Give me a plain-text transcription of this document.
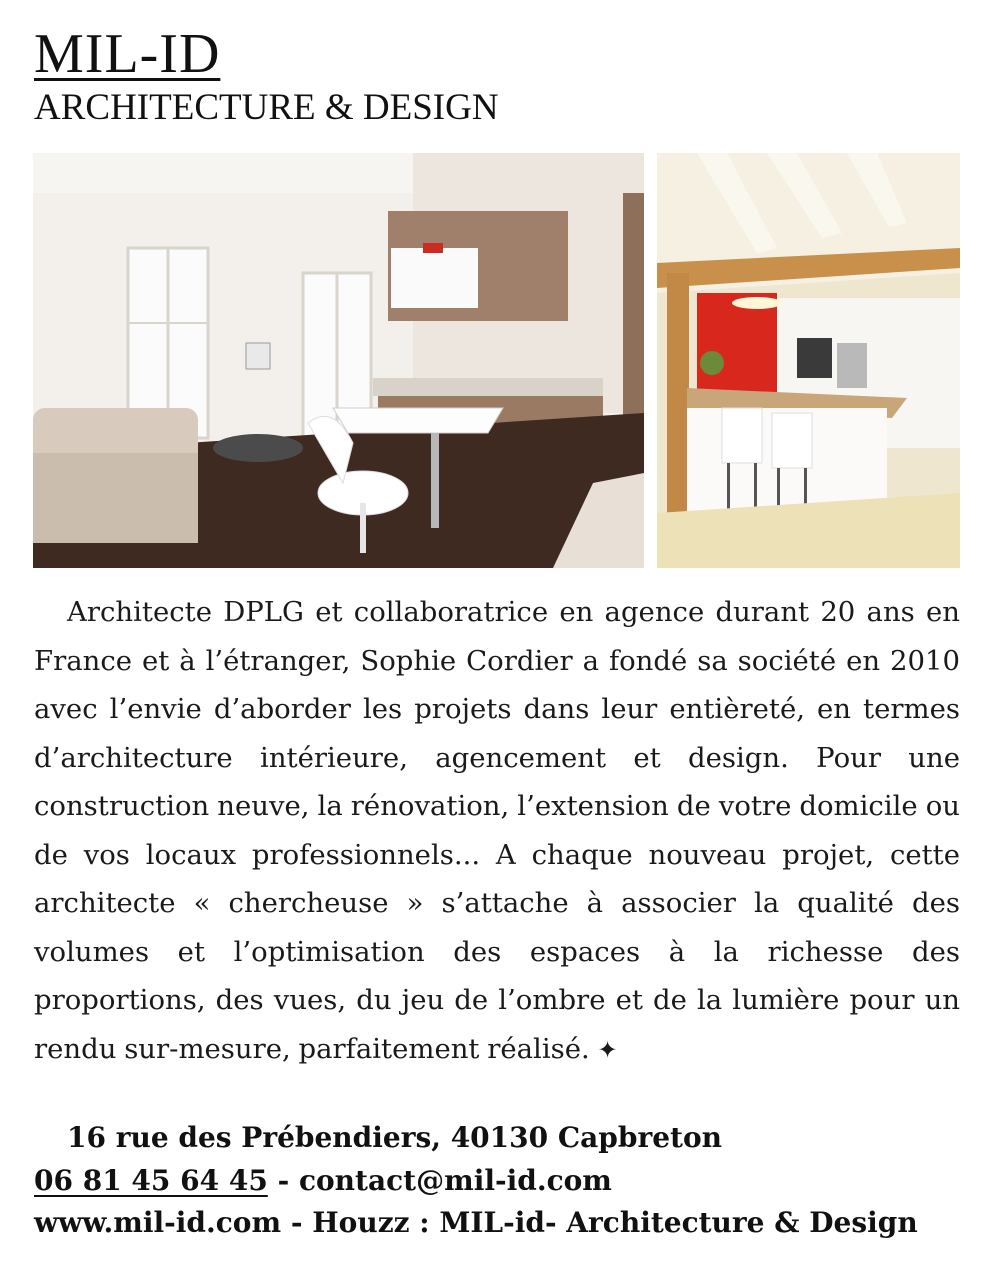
MIL-ID
ARCHITECTURE & DESIGN

Architecte DPLG et collaboratrice en agence durant 20 ans en France et à l’étranger, Sophie Cordier a fondé sa société en 2010 avec l’envie d’aborder les projets dans leur entièreté, en termes d’architecture intérieure, agencement et design. Pour une construction neuve, la rénovation, l’extension de votre domicile ou de vos locaux professionnels... A chaque nouveau projet, cette architecte « chercheuse » s’attache à associer la qualité des volumes et l’optimisation des espaces à la richesse des proportions, des vues, du jeu de l’ombre et de la lumière pour un rendu sur-mesure, parfaitement réalisé. ✦

16 rue des Prébendiers, 40130 Capbreton
06 81 45 64 45 - contact@mil-id.com
www.mil-id.com - Houzz : MIL-id- Architecture & Design
